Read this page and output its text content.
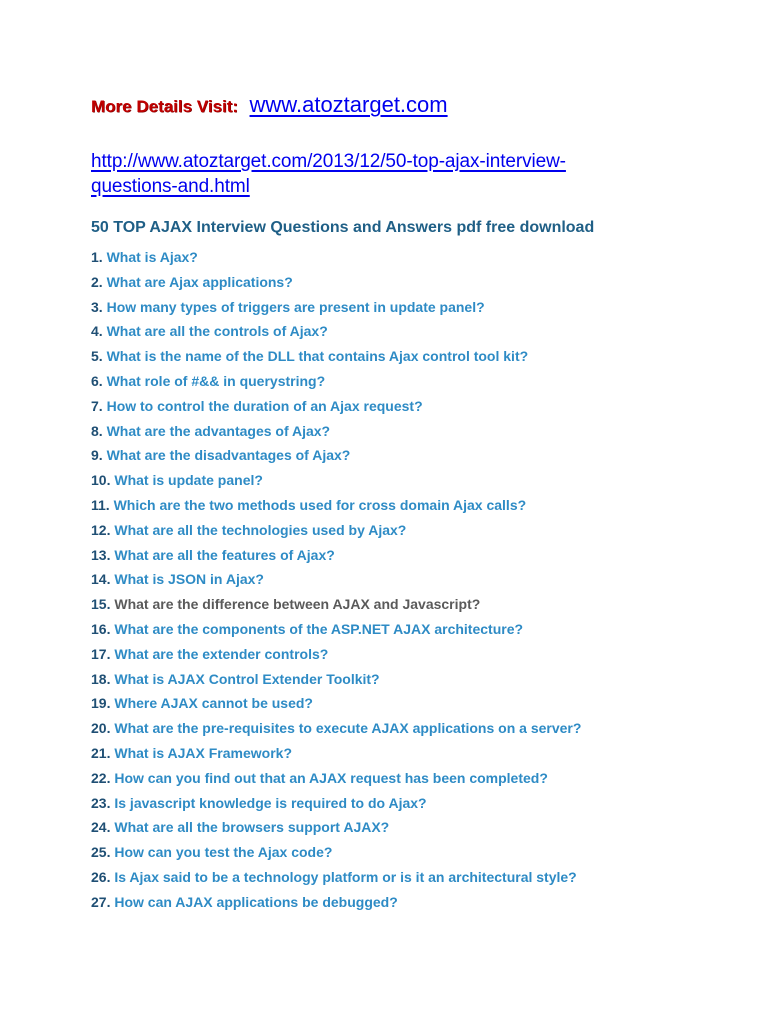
More Details Visit: www.atoztarget.com
http://www.atoztarget.com/2013/12/50-top-ajax-interview-questions-and.html
50 TOP AJAX Interview Questions and Answers pdf free download
1. What is Ajax?
2. What are Ajax applications?
3. How many types of triggers are present in update panel?
4. What are all the controls of Ajax?
5. What is the name of the DLL that contains Ajax control tool kit?
6. What role of #&& in querystring?
7. How to control the duration of an Ajax request?
8. What are the advantages of Ajax?
9. What are the disadvantages of Ajax?
10. What is update panel?
11. Which are the two methods used for cross domain Ajax calls?
12. What are all the technologies used by Ajax?
13. What are all the features of Ajax?
14. What is JSON in Ajax?
15. What are the difference between AJAX and Javascript?
16. What are the components of the ASP.NET AJAX architecture?
17. What are the extender controls?
18. What is AJAX Control Extender Toolkit?
19. Where AJAX cannot be used?
20. What are the pre-requisites to execute AJAX applications on a server?
21. What is AJAX Framework?
22. How can you find out that an AJAX request has been completed?
23. Is javascript knowledge is required to do Ajax?
24. What are all the browsers support AJAX?
25. How can you test the Ajax code?
26. Is Ajax said to be a technology platform or is it an architectural style?
27. How can AJAX applications be debugged?
